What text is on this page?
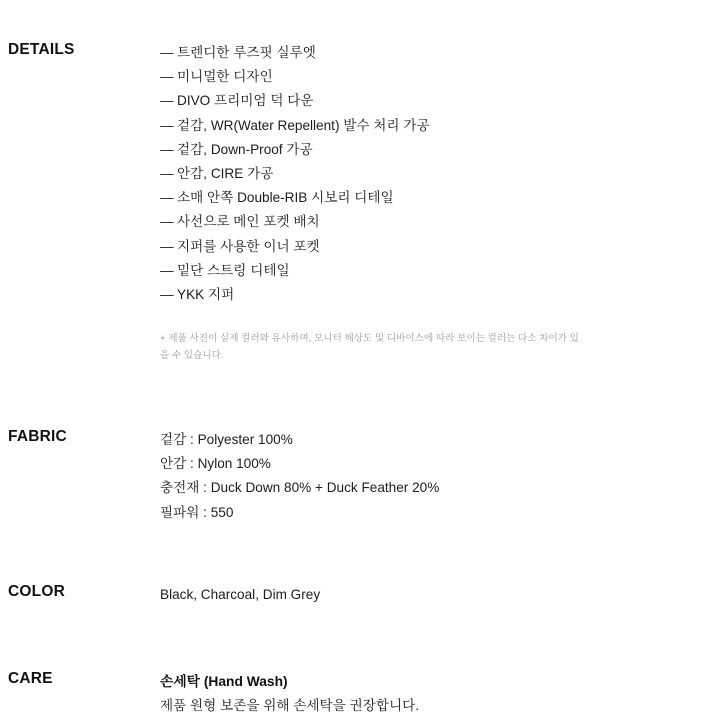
DETAILS	— 트렌디한 루즈핏 실루엣
— 미니멀한 디자인
— DIVO 프리미엄 덕 다운
— 겉감, WR(Water Repellent) 발수 처리 가공
— 겉감, Down-Proof 가공
— 안감, CIRE 가공
— 소매 안쪽 Double-RIB 시보리 디테일
— 사선으로 메인 포켓 배치
— 지퍼를 사용한 이너 포켓
— 밑단 스트링 디테일
— YKK 지퍼
+ 제품 사진이 실제 컬러와 유사하며, 모니터 해상도 및 디바이스에 따라 보이는 컬러는 다소 차이가 있을 수 있습니다.
FABRIC	겉감 : Polyester 100%
안감 : Nylon 100%
충전재 : Duck Down 80% + Duck Feather 20%
필파워 : 550
COLOR	Black, Charcoal, Dim Grey
CARE	손세탁 (Hand Wash)
제품 원형 보존을 위해 손세탁을 권장합니다.
